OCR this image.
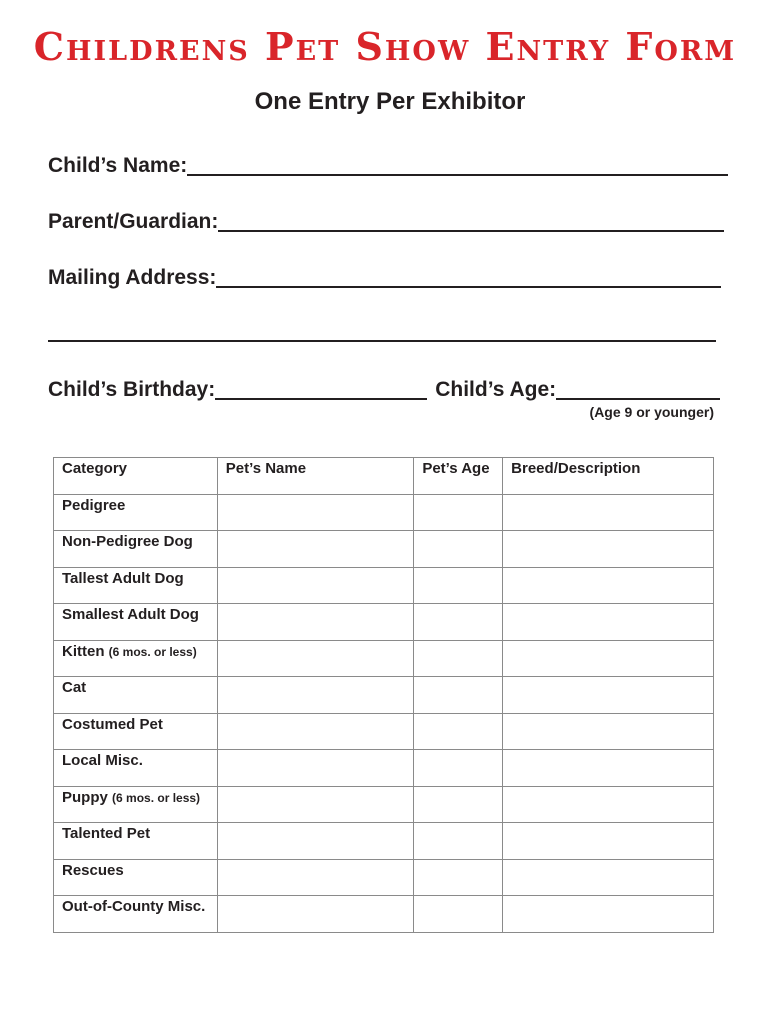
Childrens Pet Show Entry Form
One Entry Per Exhibitor
Child’s Name:
Parent/Guardian:
Mailing Address:
Child’s Birthday:	Child’s Age:
(Age 9 or younger)
Category	Pet’s Name	Pet’s Age	Breed/Description
Pedigree			
Non-Pedigree Dog			
Tallest Adult Dog			
Smallest Adult Dog			
Kitten (6 mos. or less)			
Cat			
Costumed Pet			
Local Misc.			
Puppy (6 mos. or less)			
Talented Pet			
Rescues			
Out-of-County Misc.			
